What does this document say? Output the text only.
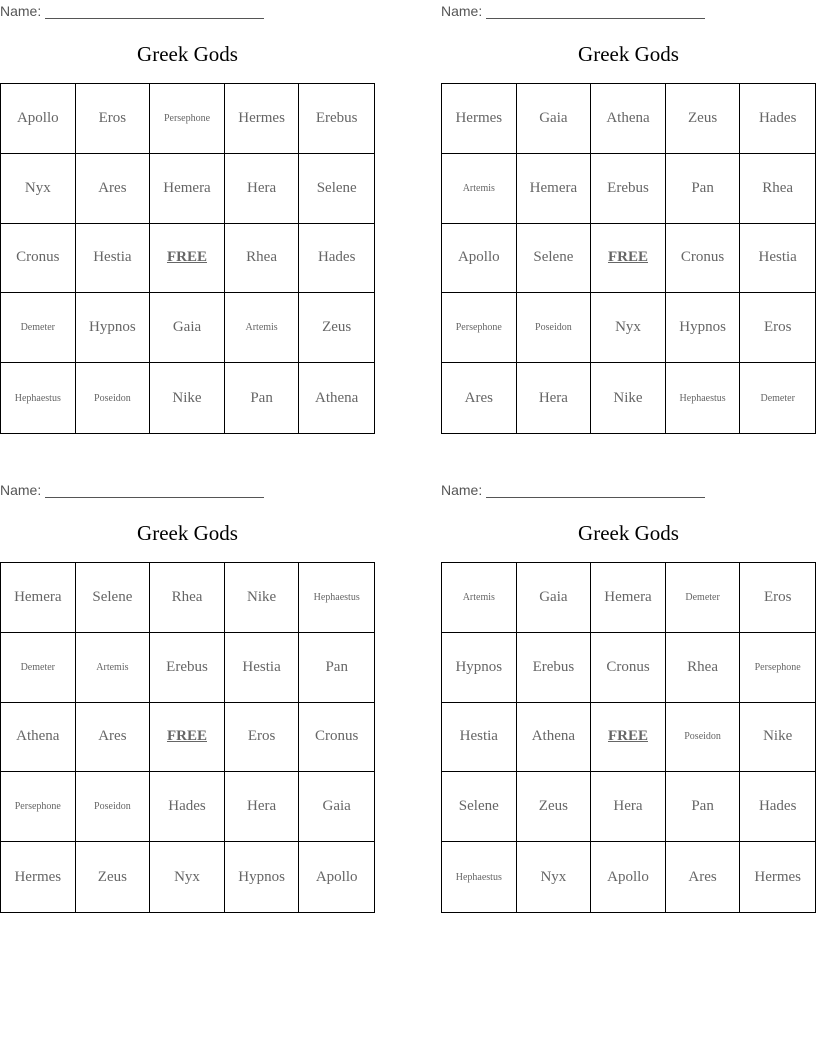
Name:
Greek Gods
Apollo	Eros	Persephone	Hermes	Erebus
Nyx	Ares	Hemera	Hera	Selene
Cronus	Hestia	FREE	Rhea	Hades
Demeter	Hypnos	Gaia	Artemis	Zeus
Hephaestus	Poseidon	Nike	Pan	Athena
Name:
Greek Gods
Hermes	Gaia	Athena	Zeus	Hades
Artemis	Hemera	Erebus	Pan	Rhea
Apollo	Selene	FREE	Cronus	Hestia
Persephone	Poseidon	Nyx	Hypnos	Eros
Ares	Hera	Nike	Hephaestus	Demeter
Name:
Greek Gods
Hemera	Selene	Rhea	Nike	Hephaestus
Demeter	Artemis	Erebus	Hestia	Pan
Athena	Ares	FREE	Eros	Cronus
Persephone	Poseidon	Hades	Hera	Gaia
Hermes	Zeus	Nyx	Hypnos	Apollo
Name:
Greek Gods
Artemis	Gaia	Hemera	Demeter	Eros
Hypnos	Erebus	Cronus	Rhea	Persephone
Hestia	Athena	FREE	Poseidon	Nike
Selene	Zeus	Hera	Pan	Hades
Hephaestus	Nyx	Apollo	Ares	Hermes
